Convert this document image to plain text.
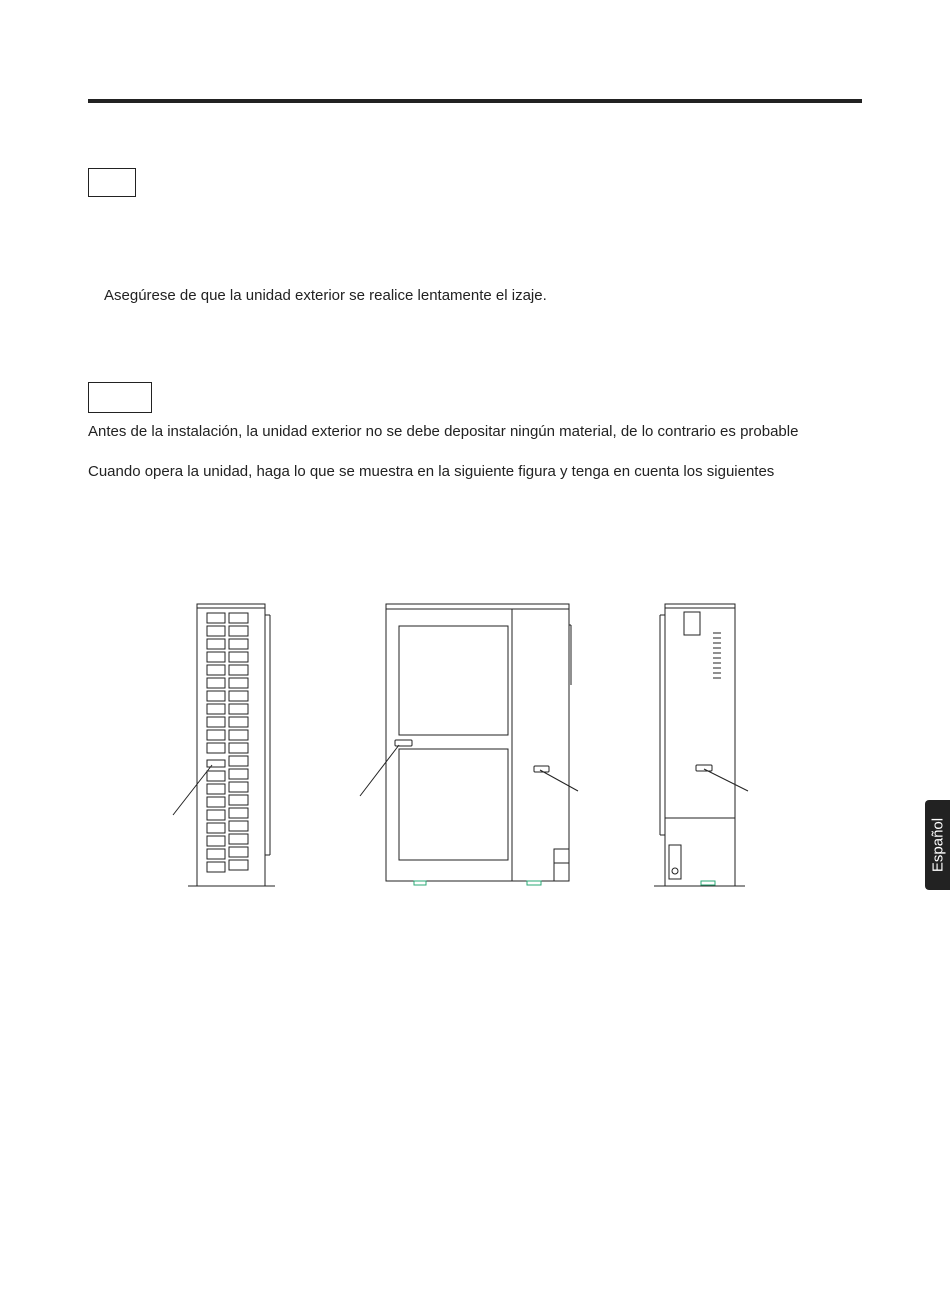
Asegúrese de que la unidad exterior se realice lentamente el izaje.
Antes de la instalación, la unidad exterior no se debe depositar ningún material, de lo contrario es probable
Cuando opera la unidad, haga lo que se muestra en la siguiente figura y tenga en cuenta los siguientes
Español
